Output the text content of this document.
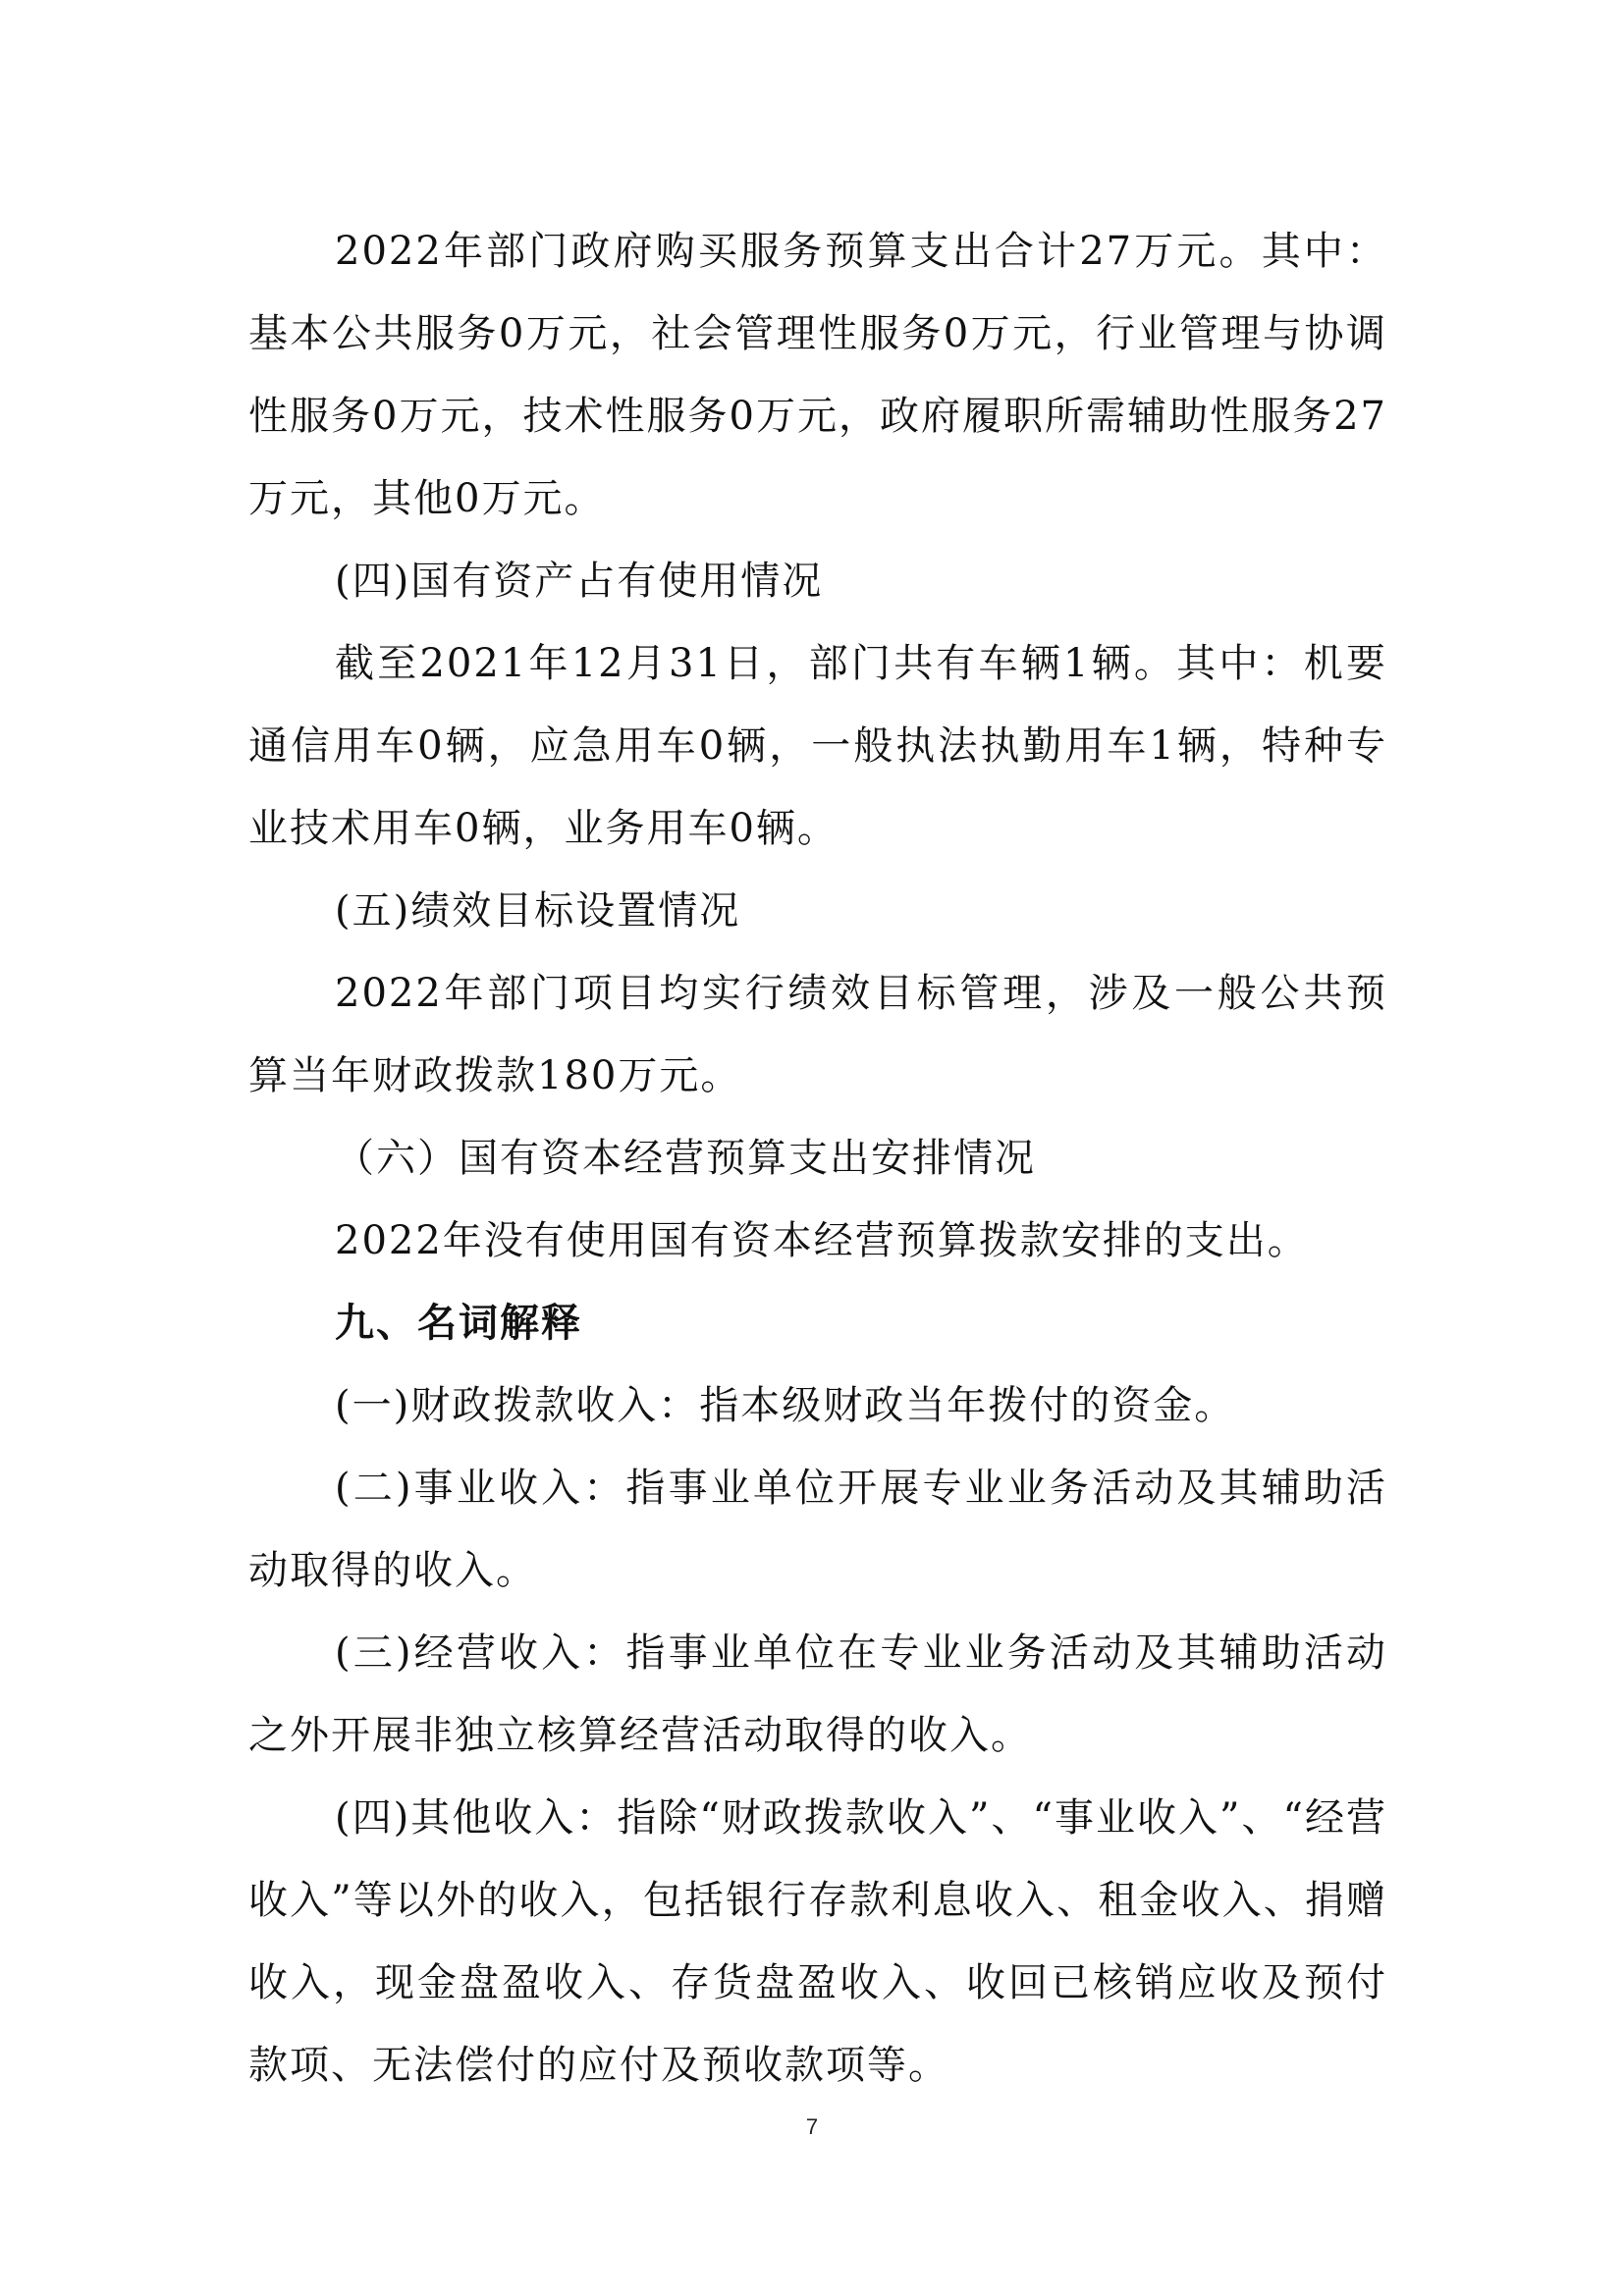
2022年部门政府购买服务预算支出合计27万元。其中：基本公共服务0万元，社会管理性服务0万元，行业管理与协调性服务0万元，技术性服务0万元，政府履职所需辅助性服务27万元，其他0万元。

(四)国有资产占有使用情况

截至2021年12月31日，部门共有车辆1辆。其中：机要通信用车0辆，应急用车0辆，一般执法执勤用车1辆，特种专业技术用车0辆，业务用车0辆。

(五)绩效目标设置情况

2022年部门项目均实行绩效目标管理，涉及一般公共预算当年财政拨款180万元。

（六）国有资本经营预算支出安排情况

2022年没有使用国有资本经营预算拨款安排的支出。

九、名词解释

(一)财政拨款收入：指本级财政当年拨付的资金。

(二)事业收入：指事业单位开展专业业务活动及其辅助活动取得的收入。

(三)经营收入：指事业单位在专业业务活动及其辅助活动之外开展非独立核算经营活动取得的收入。

(四)其他收入：指除“财政拨款收入”、“事业收入”、“经营收入”等以外的收入，包括银行存款利息收入、租金收入、捐赠收入，现金盘盈收入、存货盘盈收入、收回已核销应收及预付款项、无法偿付的应付及预收款项等。

7
